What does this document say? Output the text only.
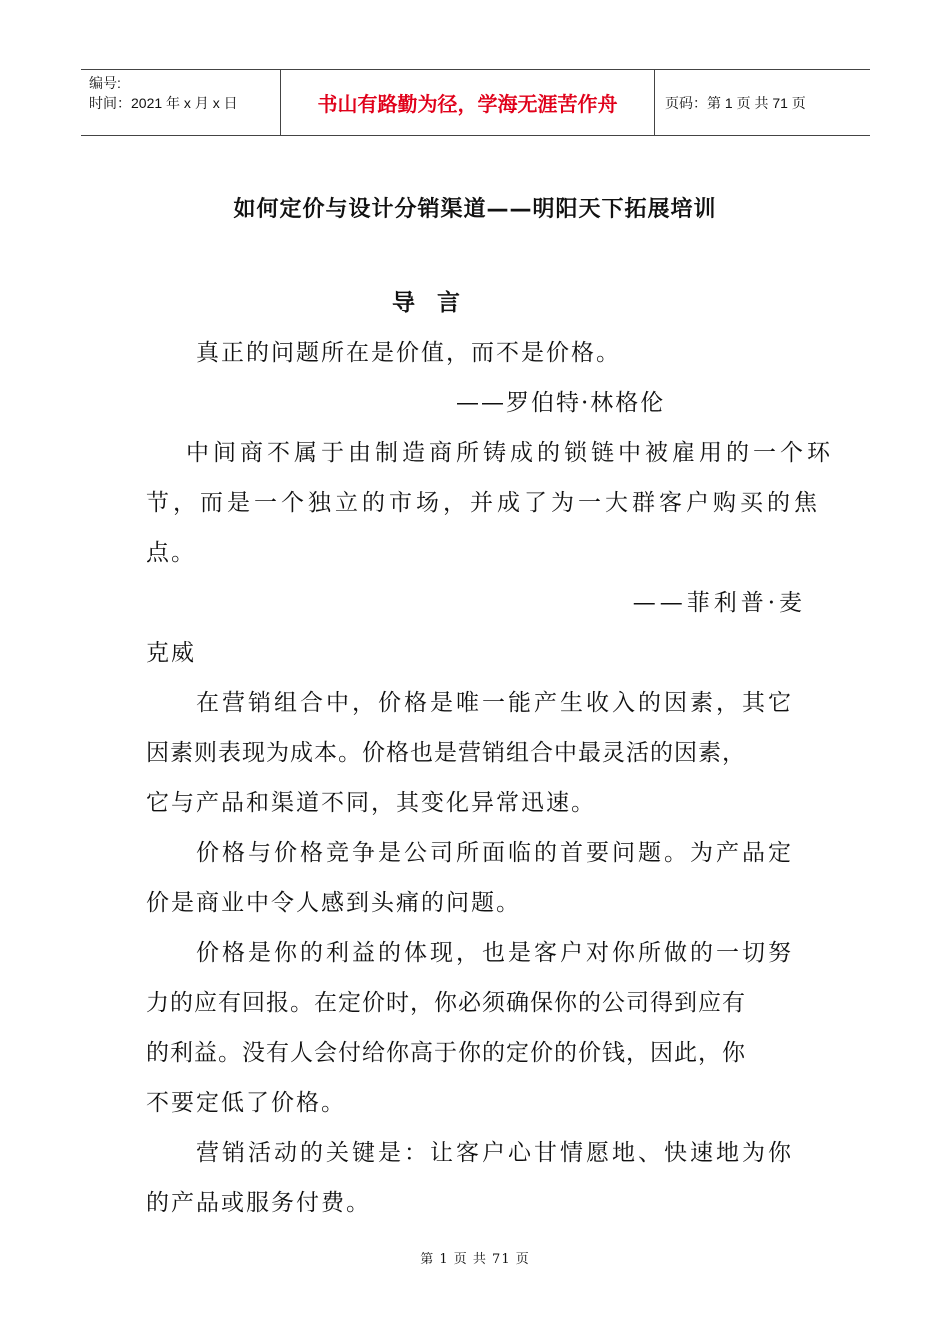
编号:
时间：2021 年 x 月 x 日	书山有路勤为径，学海无涯苦作舟	页码：第 1 页 共 71 页
如何定价与设计分销渠道——明阳天下拓展培训
导言
真正的问题所在是价值，而不是价格。
——罗伯特·林格伦
中间商不属于由制造商所铸成的锁链中被雇用的一个环
节，而是一个独立的市场，并成了为一大群客户购买的焦
点。
——菲利普·麦
克威
在营销组合中，价格是唯一能产生收入的因素，其它
因素则表现为成本。价格也是营销组合中最灵活的因素，
它与产品和渠道不同，其变化异常迅速。
价格与价格竞争是公司所面临的首要问题。为产品定
价是商业中令人感到头痛的问题。
价格是你的利益的体现，也是客户对你所做的一切努
力的应有回报。在定价时，你必须确保你的公司得到应有
的利益。没有人会付给你高于你的定价的价钱，因此，你
不要定低了价格。
营销活动的关键是：让客户心甘情愿地、快速地为你
的产品或服务付费。
第 1 页 共 71 页
